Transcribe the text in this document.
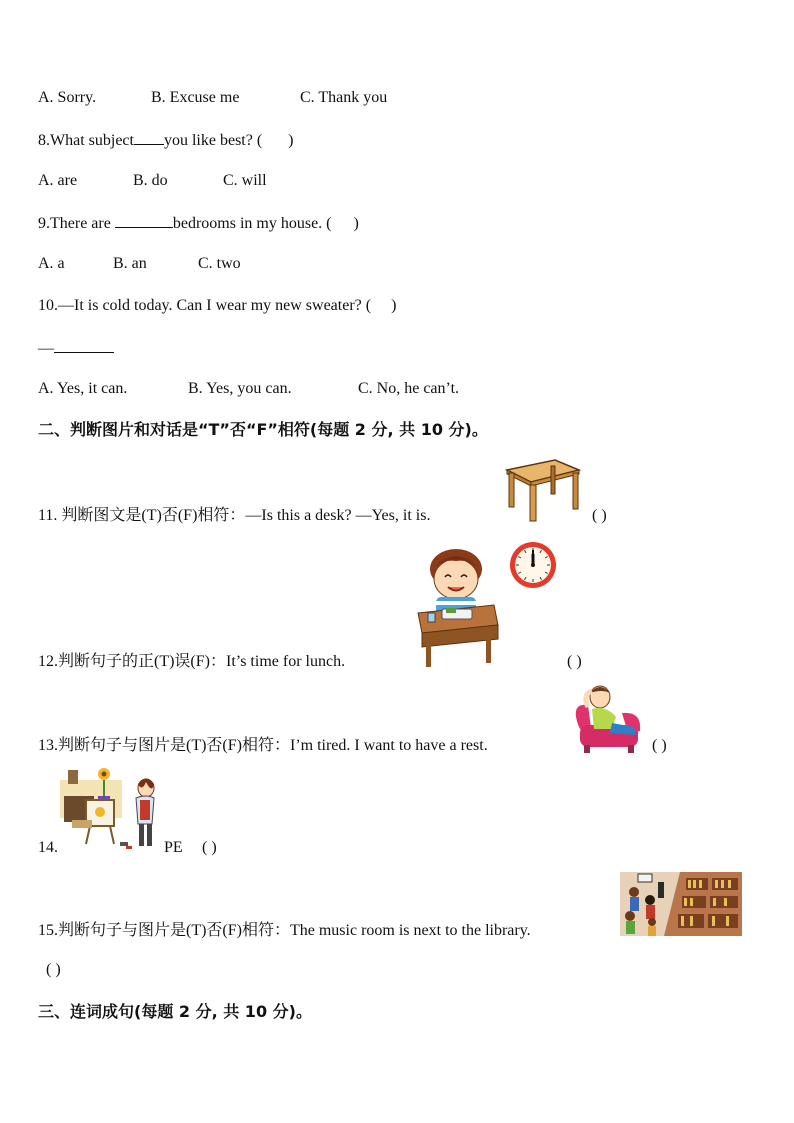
A. Sorry.	B. Excuse me	C. Thank you
8.What subject you like best? ( )
A. are	B. do	C. will
9.There are	bedrooms in my house. ( )
A. a	B. an	C. two
10.—It is cold today. Can I wear my new sweater? ( )
—
A. Yes, it can.	B. Yes, you can.	C. No, he can’t.
二、判断图片和对话是“T”否“F”相符(每题 2 分, 共 10 分)。
11. 判断图文是(T)否(F)相符：—Is this a desk? —Yes, it is.	( )
12.判断句子的正(T)误(F)：It’s time for lunch.	( )
13.判断句子与图片是(T)否(F)相符：I’m tired. I want to have a rest.	( )
14.	PE ( )
15.判断句子与图片是(T)否(F)相符：The music room is next to the library.
( )
三、连词成句(每题 2 分, 共 10 分)。
